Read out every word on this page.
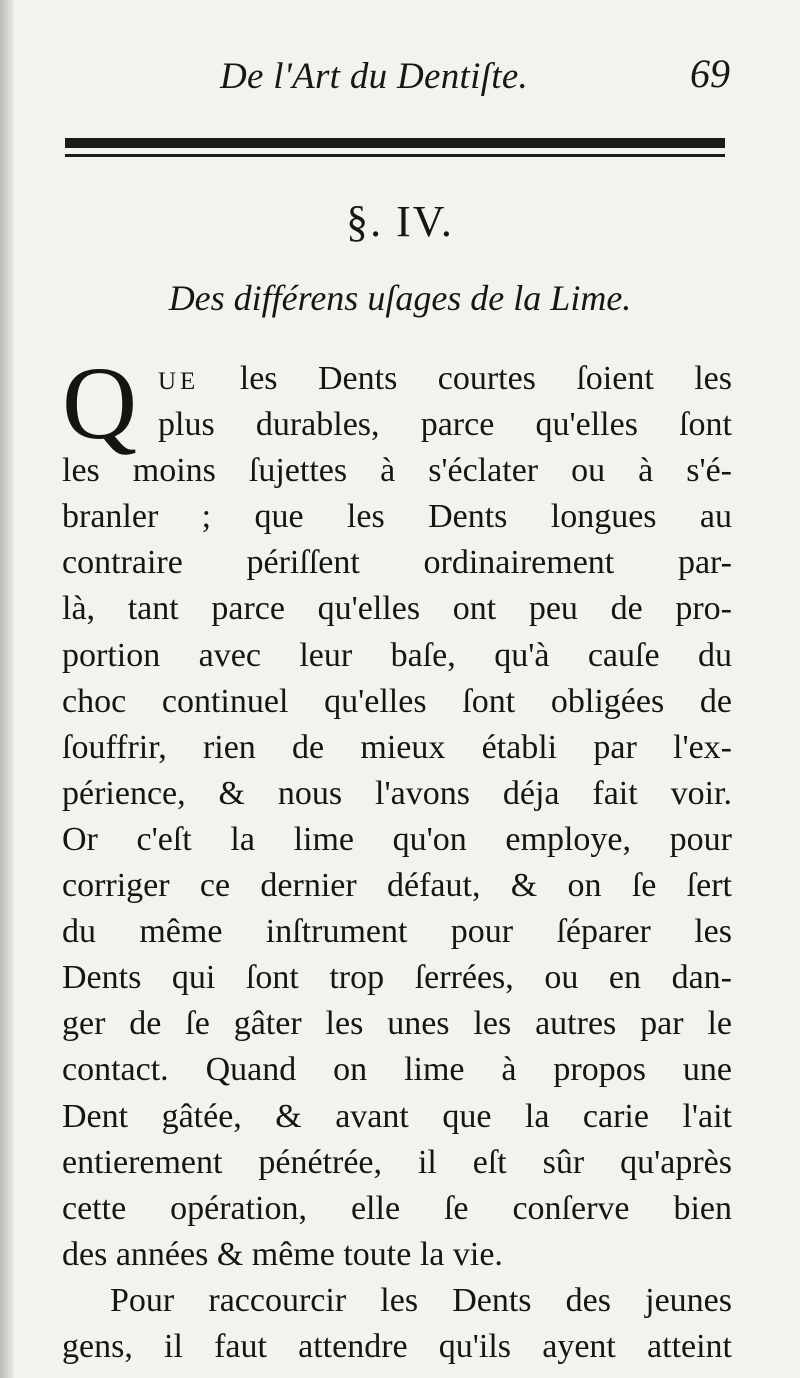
De l'Art du Dentiſte.	69
§. IV.
Des différens uſages de la Lime.
Q UE les Dents courtes ſoient les
plus durables, parce qu'elles ſont
les moins ſujettes à s'éclater ou à s'é-
branler ; que les Dents longues au
contraire périſſent ordinairement par-
là, tant parce qu'elles ont peu de pro-
portion avec leur baſe, qu'à cauſe du
choc continuel qu'elles ſont obligées de
ſouffrir, rien de mieux établi par l'ex-
périence, & nous l'avons déja fait voir.
Or c'eſt la lime qu'on employe, pour
corriger ce dernier défaut, & on ſe ſert
du même inſtrument pour ſéparer les
Dents qui ſont trop ſerrées, ou en dan-
ger de ſe gâter les unes les autres par le
contact. Quand on lime à propos une
Dent gâtée, & avant que la carie l'ait
entierement pénétrée, il eſt sûr qu'après
cette opération, elle ſe conſerve bien
des années & même toute la vie.
Pour raccourcir les Dents des jeunes
gens, il faut attendre qu'ils ayent atteint
